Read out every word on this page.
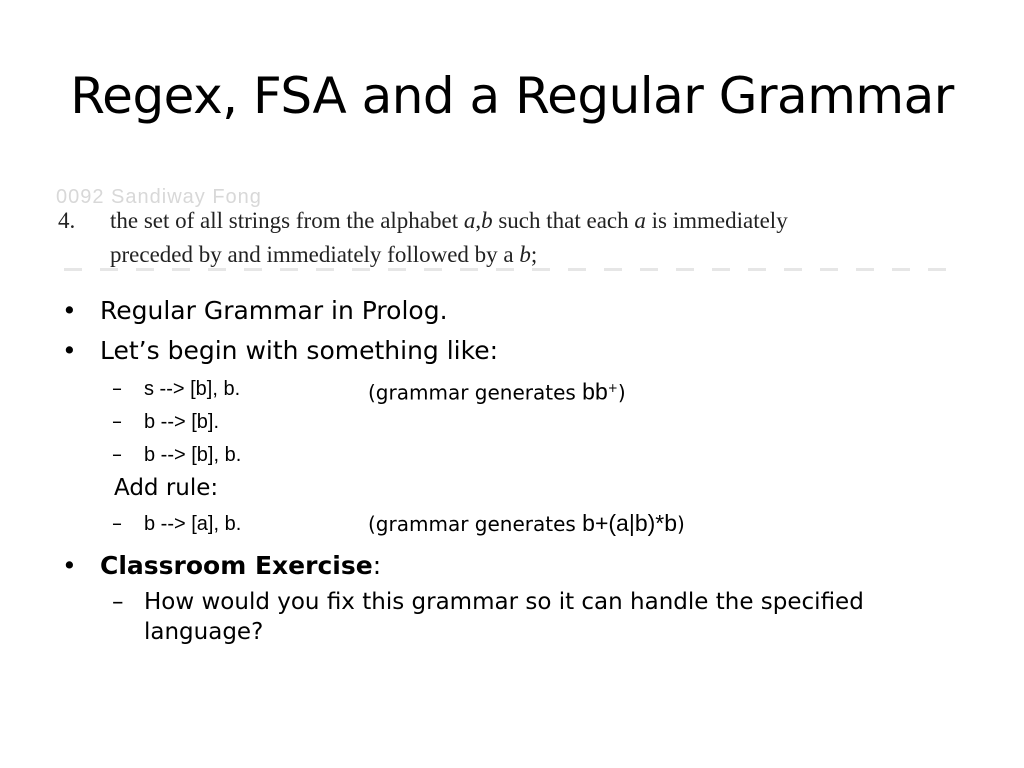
Regex, FSA and a Regular Grammar
0092 Sandiway Fong
4.	the set of all strings from the alphabet a,b such that each a is immediately
preceded by and immediately followed by a b;
• Regular Grammar in Prolog.
• Let’s begin with something like:
– s --> [b], b.	(grammar generates bb+)
– b --> [b].
– b --> [b], b.
Add rule:
– b --> [a], b.	(grammar generates b+(a|b)*b)
• Classroom Exercise:
– How would you fix this grammar so it can handle the specified
language?
